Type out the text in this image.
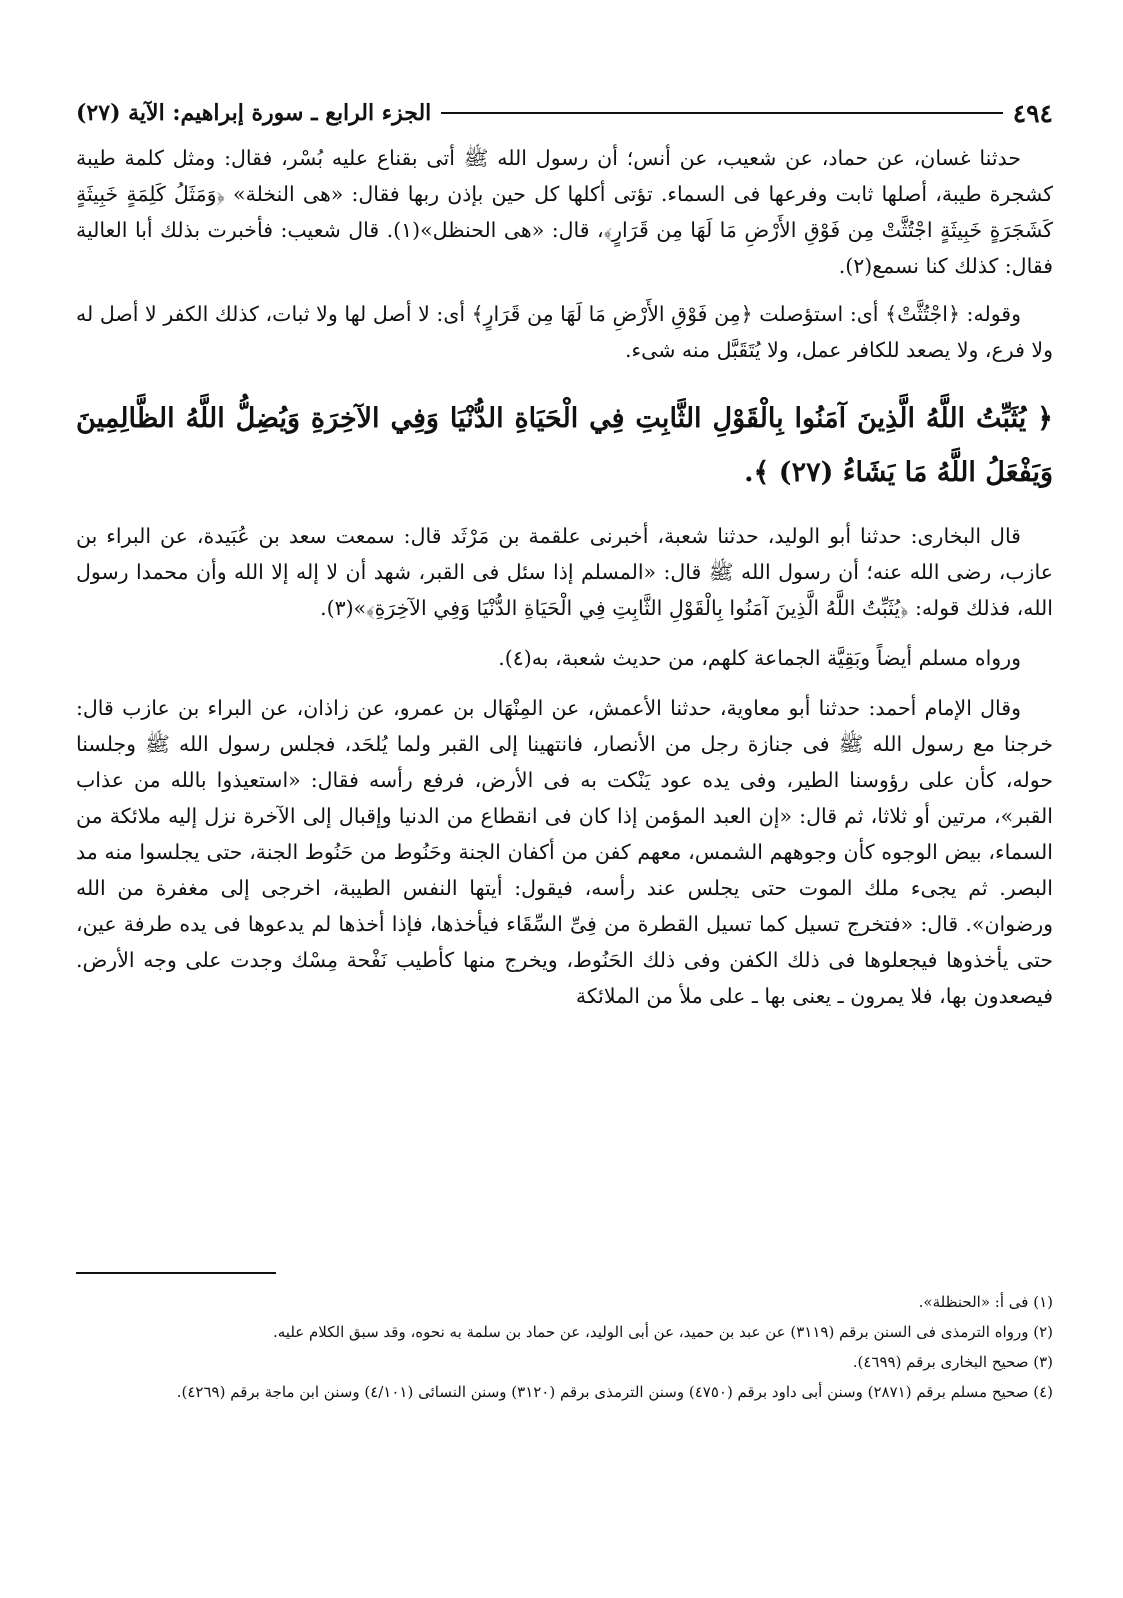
٤٩٤
الجزء الرابع ـ سورة إبراهيم: الآية (٢٧)

حدثنا غسان، عن حماد، عن شعيب، عن أنس؛ أن رسول الله ﷺ أتى بقناع عليه بُسْر، فقال: ومثل كلمة طيبة كشجرة طيبة، أصلها ثابت وفرعها فى السماء. تؤتى أكلها كل حين بإذن ربها فقال: «هى النخلة» ﴿وَمَثَلُ كَلِمَةٍ خَبِيثَةٍ كَشَجَرَةٍ خَبِيثَةٍ اجْتُثَّتْ مِن فَوْقِ الأَرْضِ مَا لَهَا مِن قَرَارٍ﴾، قال: «هى الحنظل»(١). قال شعيب: فأخبرت بذلك أبا العالية فقال: كذلك كنا نسمع(٢).

وقوله: ﴿اجْتُثَّتْ﴾ أى: استؤصلت ﴿مِن فَوْقِ الأَرْضِ مَا لَهَا مِن قَرَارٍ﴾ أى: لا أصل لها ولا ثبات، كذلك الكفر لا أصل له ولا فرع، ولا يصعد للكافر عمل، ولا يُتَقَبَّل منه شىء.

﴿ يُثَبِّتُ اللَّهُ الَّذِينَ آمَنُوا بِالْقَوْلِ الثَّابِتِ فِي الْحَيَاةِ الدُّنْيَا وَفِي الآخِرَةِ وَيُضِلُّ اللَّهُ الظَّالِمِينَ وَيَفْعَلُ اللَّهُ مَا يَشَاءُ (٢٧) ﴾.

قال البخارى: حدثنا أبو الوليد، حدثنا شعبة، أخبرنى علقمة بن مَرْثَد قال: سمعت سعد بن عُبَيدة، عن البراء بن عازب، رضى الله عنه؛ أن رسول الله ﷺ قال: «المسلم إذا سئل فى القبر، شهد أن لا إله إلا الله وأن محمدا رسول الله، فذلك قوله: ﴿يُثَبِّتُ اللَّهُ الَّذِينَ آمَنُوا بِالْقَوْلِ الثَّابِتِ فِي الْحَيَاةِ الدُّنْيَا وَفِي الآخِرَةِ﴾»(٣).

ورواه مسلم أيضاً وبَقِيَّة الجماعة كلهم، من حديث شعبة، به(٤).

وقال الإمام أحمد: حدثنا أبو معاوية، حدثنا الأعمش، عن المِنْهَال بن عمرو، عن زاذان، عن البراء بن عازب قال: خرجنا مع رسول الله ﷺ فى جنازة رجل من الأنصار، فانتهينا إلى القبر ولما يُلحَد، فجلس رسول الله ﷺ وجلسنا حوله، كأن على رؤوسنا الطير، وفى يده عود يَنْكت به فى الأرض، فرفع رأسه فقال: «استعيذوا بالله من عذاب القبر»، مرتين أو ثلاثا، ثم قال: «إن العبد المؤمن إذا كان فى انقطاع من الدنيا وإقبال إلى الآخرة نزل إليه ملائكة من السماء، بيض الوجوه كأن وجوههم الشمس، معهم كفن من أكفان الجنة وحَنُوط من حَنُوط الجنة، حتى يجلسوا منه مد البصر. ثم يجىء ملك الموت حتى يجلس عند رأسه، فيقول: أيتها النفس الطيبة، اخرجى إلى مغفرة من الله ورضوان». قال: «فتخرج تسيل كما تسيل القطرة من فِىِّ السِّقَاء فيأخذها، فإذا أخذها لم يدعوها فى يده طرفة عين، حتى يأخذوها فيجعلوها فى ذلك الكفن وفى ذلك الحَنُوط، ويخرج منها كأطيب نَفْحة مِسْك وجدت على وجه الأرض. فيصعدون بها، فلا يمرون ـ يعنى بها ـ على ملأ من الملائكة

(١) فى أ: «الحنظلة».

(٢) ورواه الترمذى فى السنن برقم (٣١١٩) عن عبد بن حميد، عن أبى الوليد، عن حماد بن سلمة به نحوه، وقد سبق الكلام عليه.

(٣) صحيح البخارى برقم (٤٦٩٩).

(٤) صحيح مسلم برقم (٢٨٧١) وسنن أبى داود برقم (٤٧٥٠) وسنن الترمذى برقم (٣١٢٠) وسنن النسائى (٤/١٠١) وسنن ابن ماجة برقم (٤٢٦٩).
